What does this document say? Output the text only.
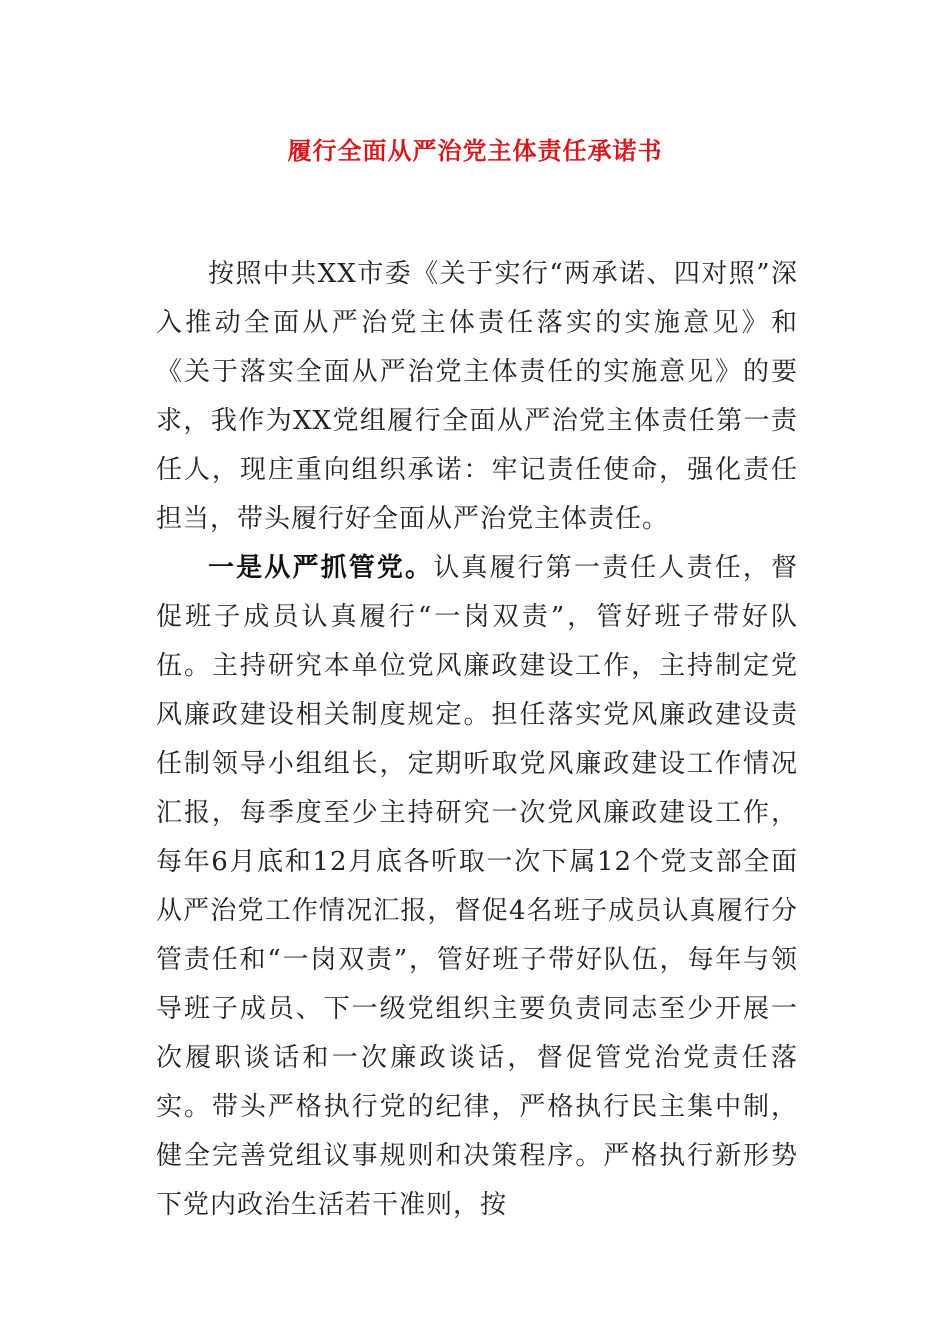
履行全面从严治党主体责任承诺书

按照中共XX市委《关于实行“两承诺、四对照”深入推动全面从严治党主体责任落实的实施意见》和《关于落实全面从严治党主体责任的实施意见》的要求，我作为XX党组履行全面从严治党主体责任第一责任人，现庄重向组织承诺：牢记责任使命，强化责任担当，带头履行好全面从严治党主体责任。

一是从严抓管党。认真履行第一责任人责任，督促班子成员认真履行“一岗双责”，管好班子带好队伍。主持研究本单位党风廉政建设工作，主持制定党风廉政建设相关制度规定。担任落实党风廉政建设责任制领导小组组长，定期听取党风廉政建设工作情况汇报，每季度至少主持研究一次党风廉政建设工作，每年6月底和12月底各听取一次下属12个党支部全面从严治党工作情况汇报，督促4名班子成员认真履行分管责任和“一岗双责”，管好班子带好队伍，每年与领导班子成员、下一级党组织主要负责同志至少开展一次履职谈话和一次廉政谈话，督促管党治党责任落实。带头严格执行党的纪律，严格执行民主集中制，健全完善党组议事规则和决策程序。严格执行新形势下党内政治生活若干准则，按
